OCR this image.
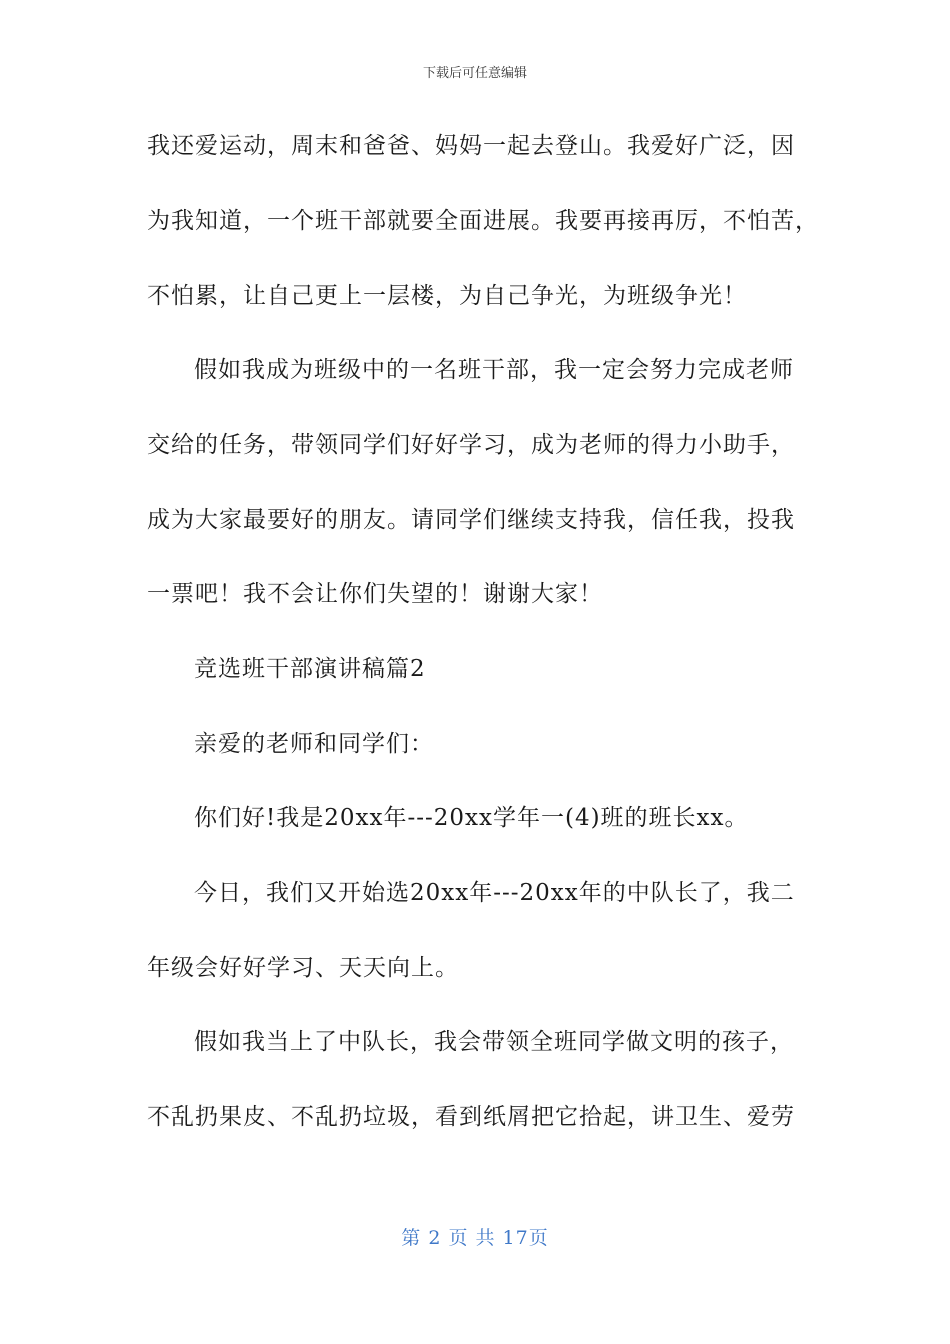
下载后可任意编辑
我还爱运动，周末和爸爸、妈妈一起去登山。我爱好广泛，因
为我知道，一个班干部就要全面进展。我要再接再厉，不怕苦，
不怕累，让自己更上一层楼，为自己争光，为班级争光！
假如我成为班级中的一名班干部，我一定会努力完成老师
交给的任务，带领同学们好好学习，成为老师的得力小助手，
成为大家最要好的朋友。请同学们继续支持我，信任我，投我
一票吧！我不会让你们失望的！谢谢大家！
竞选班干部演讲稿篇2
亲爱的老师和同学们：
你们好!我是20xx年---20xx学年一(4)班的班长xx。
今日，我们又开始选20xx年---20xx年的中队长了，我二
年级会好好学习、天天向上。
假如我当上了中队长，我会带领全班同学做文明的孩子，
不乱扔果皮、不乱扔垃圾，看到纸屑把它拾起，讲卫生、爱劳
第 2 页 共 17页
